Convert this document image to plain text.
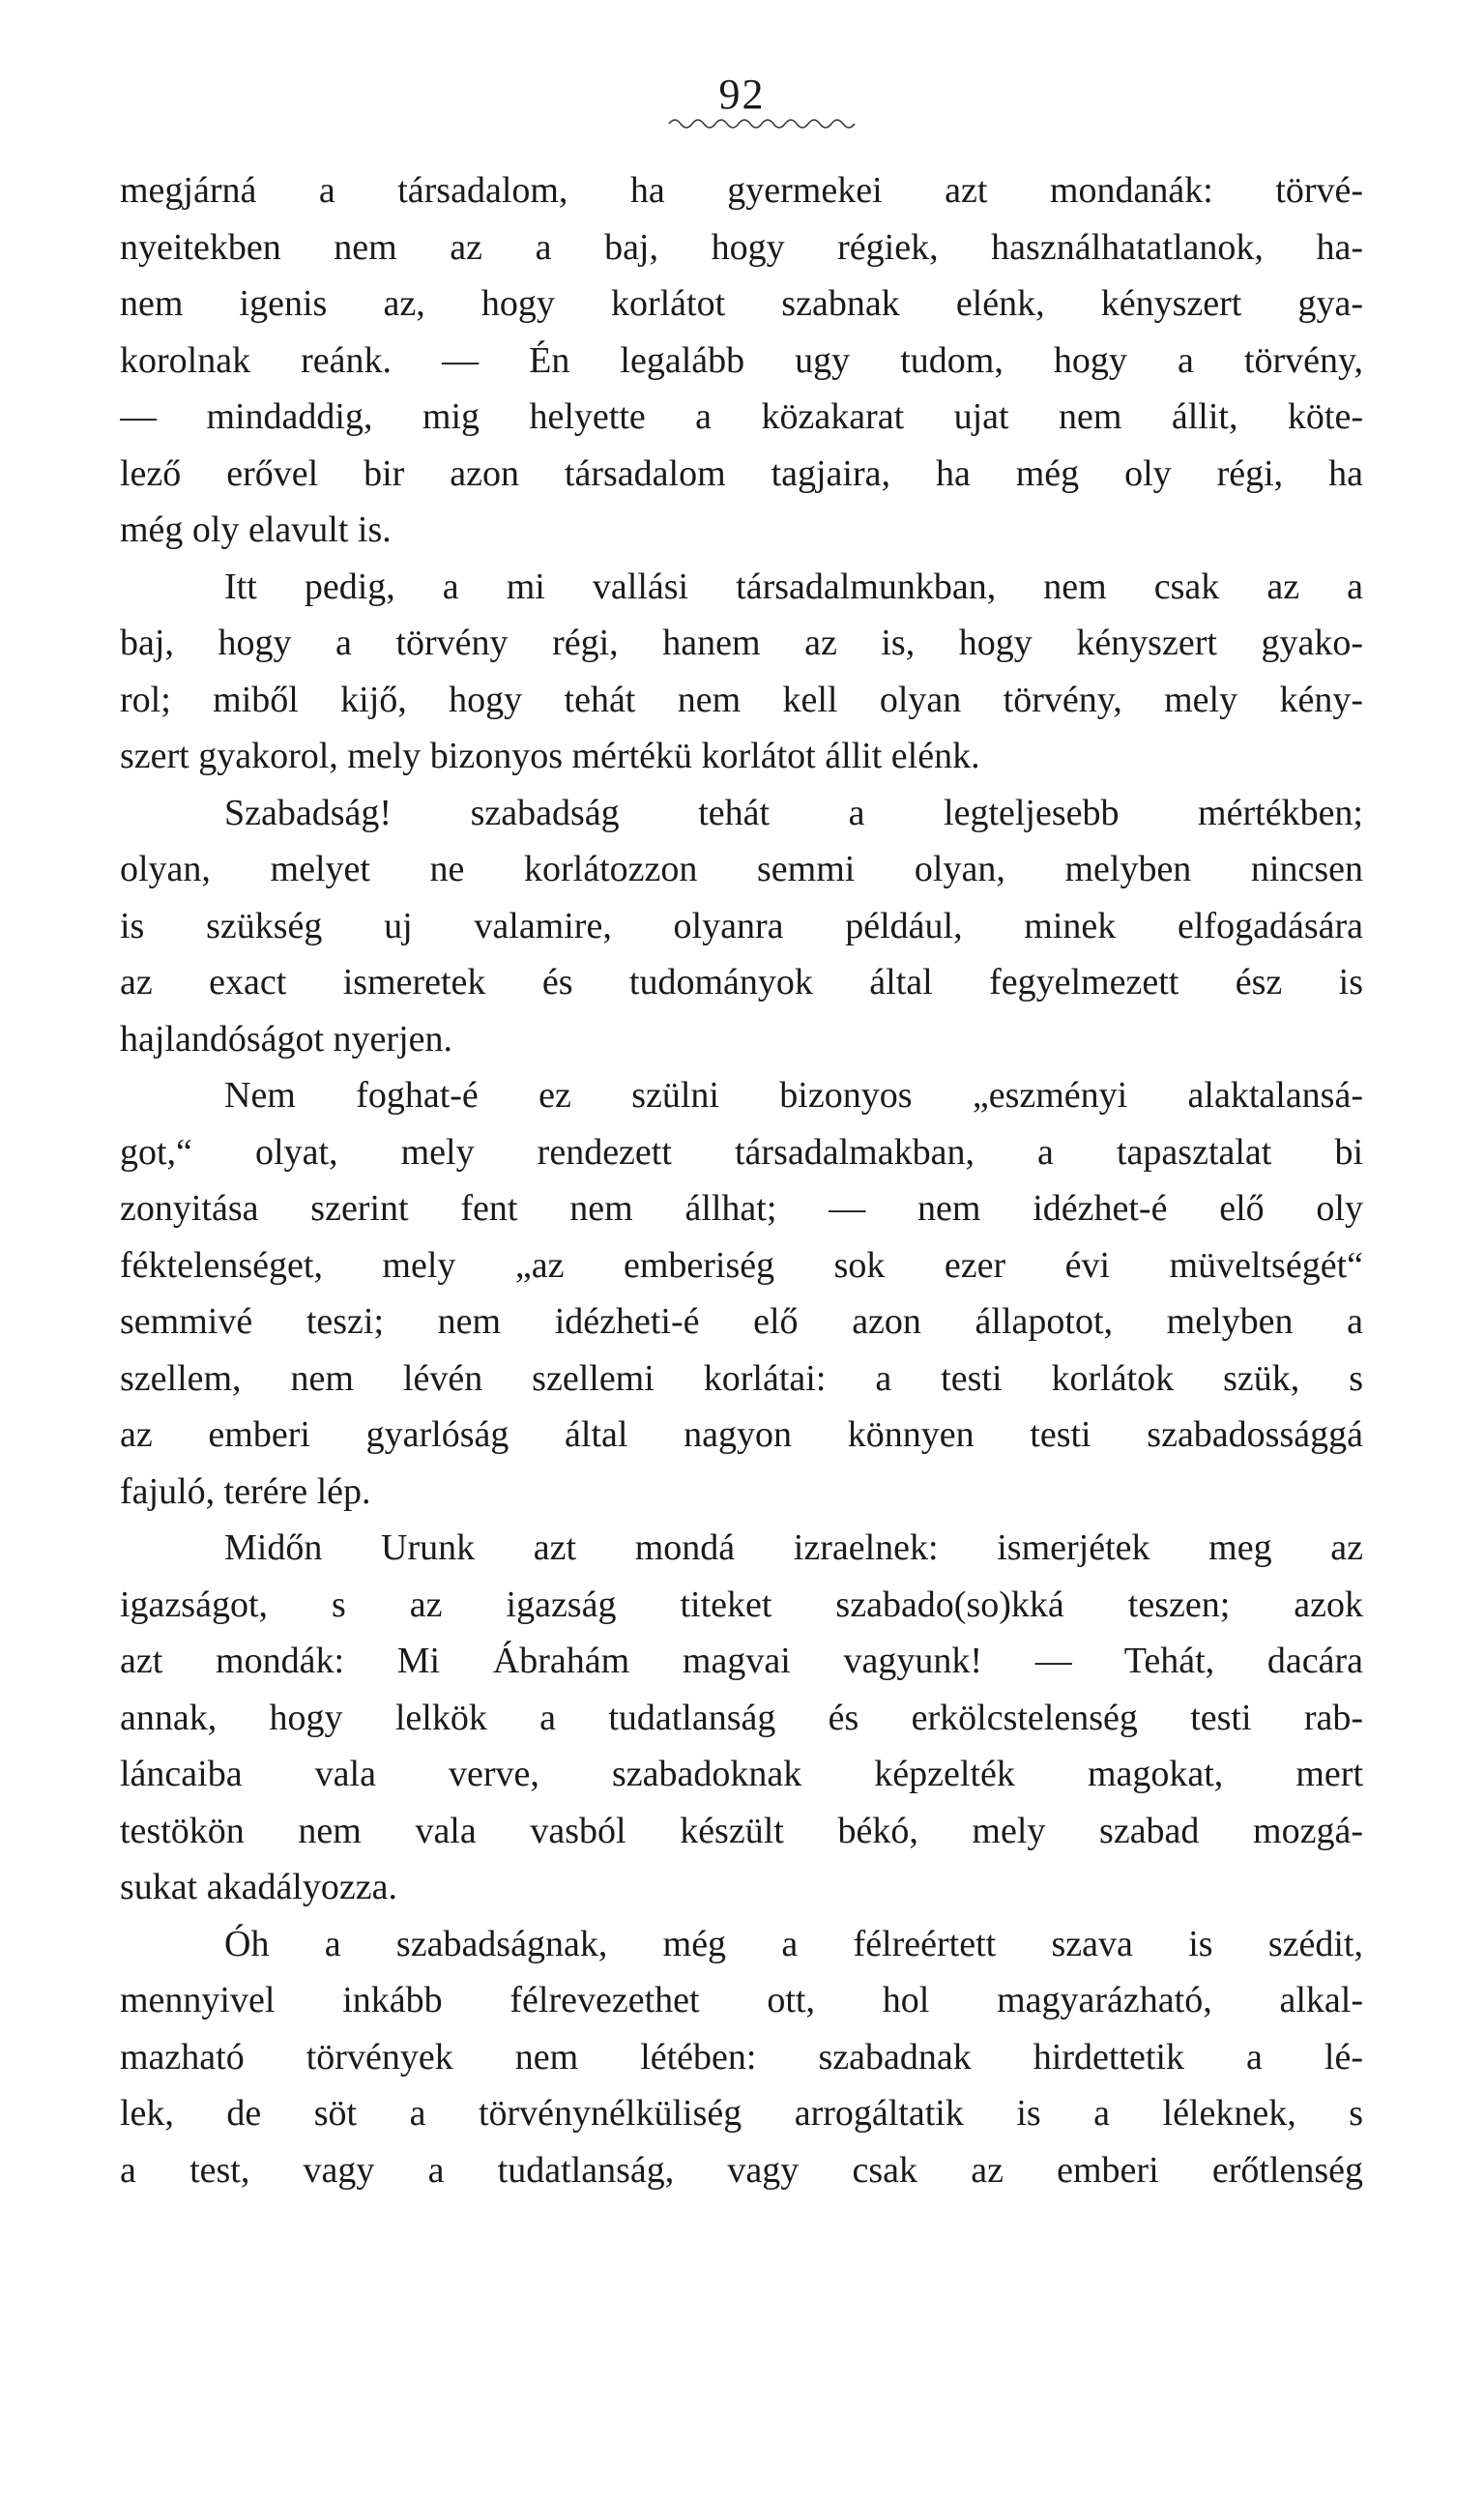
92
megjárná a társadalom, ha gyermekei azt mondanák: törvé-
nyeitekben nem az a baj, hogy régiek, használhatatlanok, ha-
nem igenis az, hogy korlátot szabnak elénk, kényszert gya-
korolnak reánk. — Én legalább ugy tudom, hogy a törvény,
— mindaddig, mig helyette a közakarat ujat nem állit, köte-
lező erővel bir azon társadalom tagjaira, ha még oly régi, ha
még oly elavult is.
Itt pedig, a mi vallási társadalmunkban, nem csak az a
baj, hogy a törvény régi, hanem az is, hogy kényszert gyako-
rol; miből kijő, hogy tehát nem kell olyan törvény, mely kény-
szert gyakorol, mely bizonyos mértékü korlátot állit elénk.
Szabadság! szabadság tehát a legteljesebb mértékben;
olyan, melyet ne korlátozzon semmi olyan, melyben nincsen
is szükség uj valamire, olyanra például, minek elfogadására
az exact ismeretek és tudományok által fegyelmezett ész is
hajlandóságot nyerjen.
Nem foghat-é ez szülni bizonyos „eszményi alaktalansá-
got,“ olyat, mely rendezett társadalmakban, a tapasztalat bi
zonyitása szerint fent nem állhat; — nem idézhet-é elő oly
féktelenséget, mely „az emberiség sok ezer évi müveltségét“
semmivé teszi; nem idézheti-é elő azon állapotot, melyben a
szellem, nem lévén szellemi korlátai: a testi korlátok szük, s
az emberi gyarlóság által nagyon könnyen testi szabadossággá
fajuló, terére lép.
Midőn Urunk azt mondá izraelnek: ismerjétek meg az
igazságot, s az igazság titeket szabado(so)kká teszen; azok
azt mondák: Mi Ábrahám magvai vagyunk! — Tehát, dacára
annak, hogy lelkök a tudatlanság és erkölcstelenség testi rab-
láncaiba vala verve, szabadoknak képzelték magokat, mert
testökön nem vala vasból készült békó, mely szabad mozgá-
sukat akadályozza.
Óh a szabadságnak, még a félreértett szava is szédit,
mennyivel inkább félrevezethet ott, hol magyarázható, alkal-
mazható törvények nem létében: szabadnak hirdettetik a lé-
lek, de söt a törvénynélküliség arrogáltatik is a léleknek, s
a test, vagy a tudatlanság, vagy csak az emberi erőtlenség
